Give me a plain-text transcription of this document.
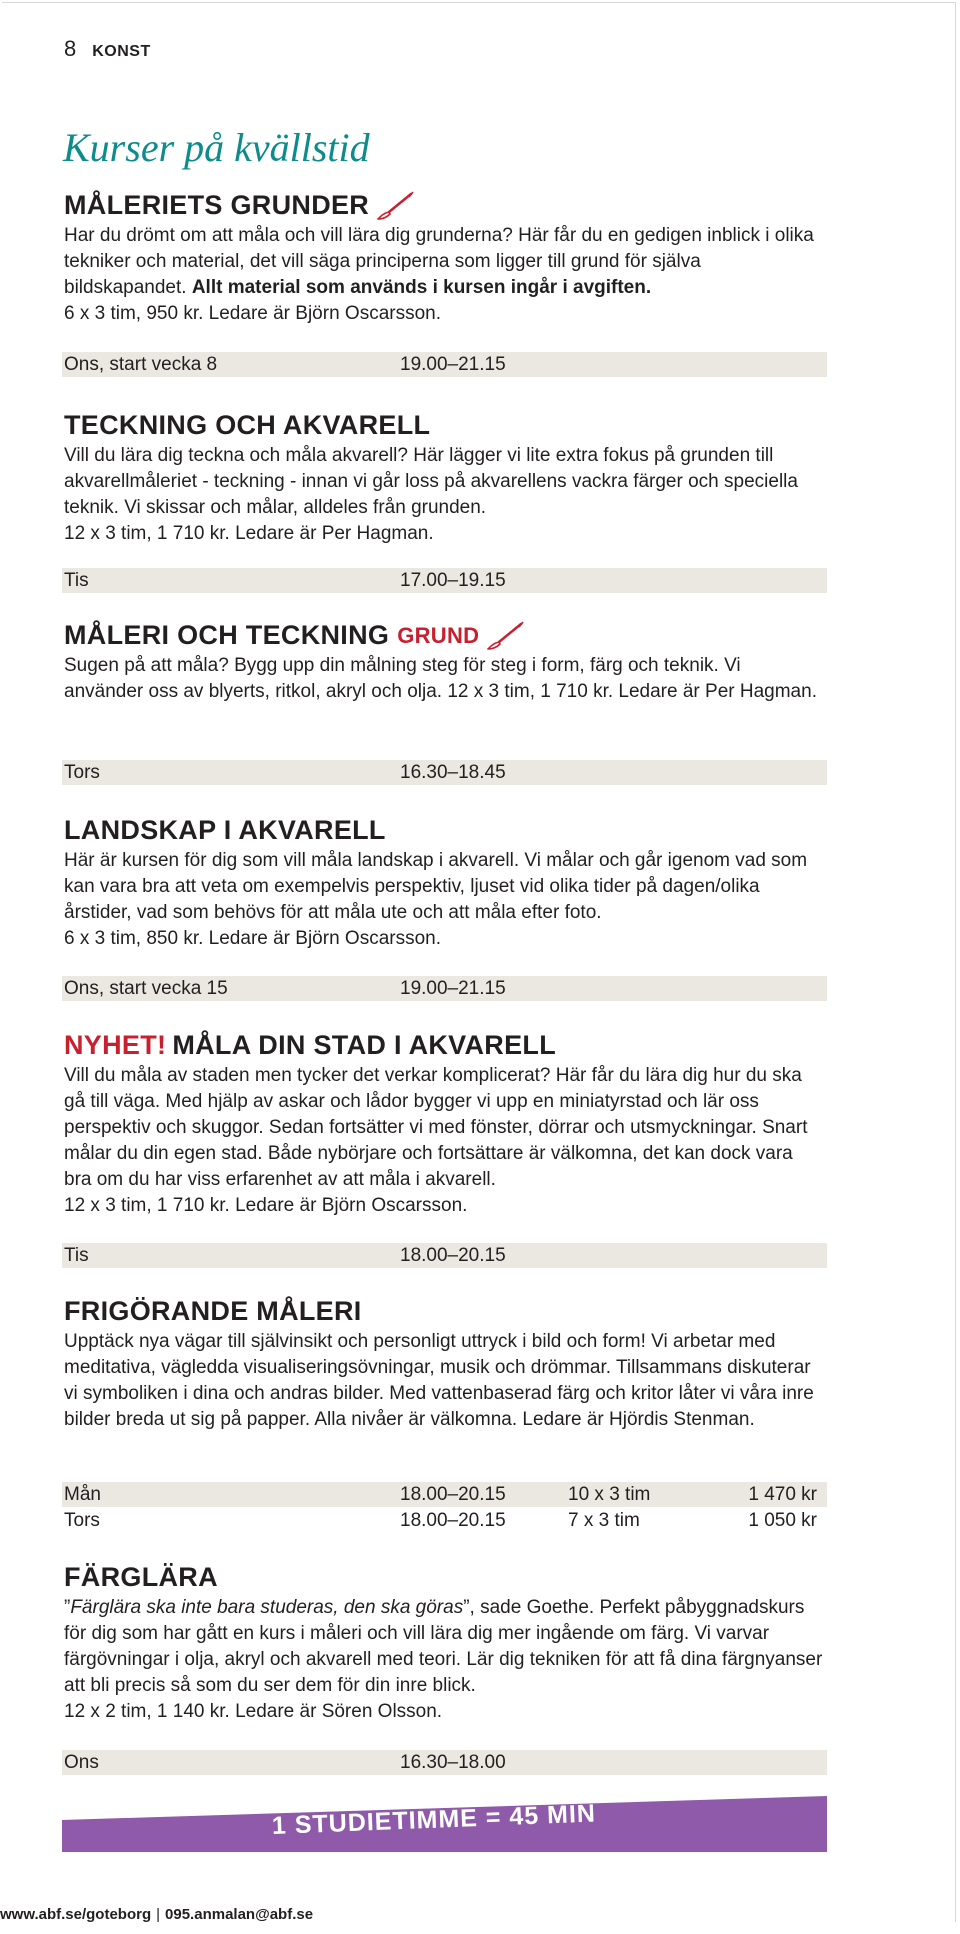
8 KONST
Kurser på kvällstid
MÅLERIETS GRUNDER

Har du drömt om att måla och vill lära dig grunderna? Här får du en gedigen inblick i olika tekniker och material, det vill säga principerna som ligger till grund för själva bildskapandet. Allt material som används i kursen ingår i avgiften.
6 x 3 tim, 950 kr. Ledare är Björn Oscarsson.

Ons, start vecka 8	19.00–21.15
TECKNING OCH AKVARELL

Vill du lära dig teckna och måla akvarell? Här lägger vi lite extra fokus på grunden till akvarellmåleriet - teckning - innan vi går loss på akvarellens vackra färger och speciella teknik. Vi skissar och målar, alldeles från grunden.
12 x 3 tim, 1 710 kr. Ledare är Per Hagman.

Tis	17.00–19.15
MÅLERI OCH TECKNING GRUND

Sugen på att måla? Bygg upp din målning steg för steg i form, färg och teknik. Vi använder oss av blyerts, ritkol, akryl och olja. 12 x 3 tim, 1 710 kr. Ledare är Per Hagman.

Tors	16.30–18.45
LANDSKAP I AKVARELL

Här är kursen för dig som vill måla landskap i akvarell. Vi målar och går igenom vad som kan vara bra att veta om exempelvis perspektiv, ljuset vid olika tider på dagen/olika årstider, vad som behövs för att måla ute och att måla efter foto.
6 x 3 tim, 850 kr. Ledare är Björn Oscarsson.

Ons, start vecka 15	19.00–21.15
NYHET! MÅLA DIN STAD I AKVARELL

Vill du måla av staden men tycker det verkar komplicerat? Här får du lära dig hur du ska gå till väga. Med hjälp av askar och lådor bygger vi upp en miniatyrstad och lär oss perspektiv och skuggor. Sedan fortsätter vi med fönster, dörrar och utsmyckningar. Snart målar du din egen stad. Både nybörjare och fortsättare är välkomna, det kan dock vara bra om du har viss erfarenhet av att måla i akvarell.
12 x 3 tim, 1 710 kr. Ledare är Björn Oscarsson.

Tis	18.00–20.15
FRIGÖRANDE MÅLERI

Upptäck nya vägar till självinsikt och personligt uttryck i bild och form! Vi arbetar med meditativa, vägledda visualiseringsövningar, musik och drömmar. Tillsammans diskuterar vi symboliken i dina och andras bilder. Med vattenbaserad färg och kritor låter vi våra inre bilder breda ut sig på papper. Alla nivåer är välkomna. Ledare är Hjördis Stenman.

Mån	18.00–20.15	10 x 3 tim	1 470 kr
Tors	18.00–20.15	7 x 3 tim	1 050 kr
FÄRGLÄRA

”Färglära ska inte bara studeras, den ska göras”, sade Goethe. Perfekt påbyggnadskurs för dig som har gått en kurs i måleri och vill lära dig mer ingående om färg. Vi varvar färgövningar i olja, akryl och akvarell med teori. Lär dig tekniken för att få dina färgnyanser att bli precis så som du ser dem för din inre blick.
12 x 2 tim, 1 140 kr. Ledare är Sören Olsson.

Ons	16.30–18.00
1 STUDIETIMME = 45 MIN
www.abf.se/goteborg | 095.anmalan@abf.se
